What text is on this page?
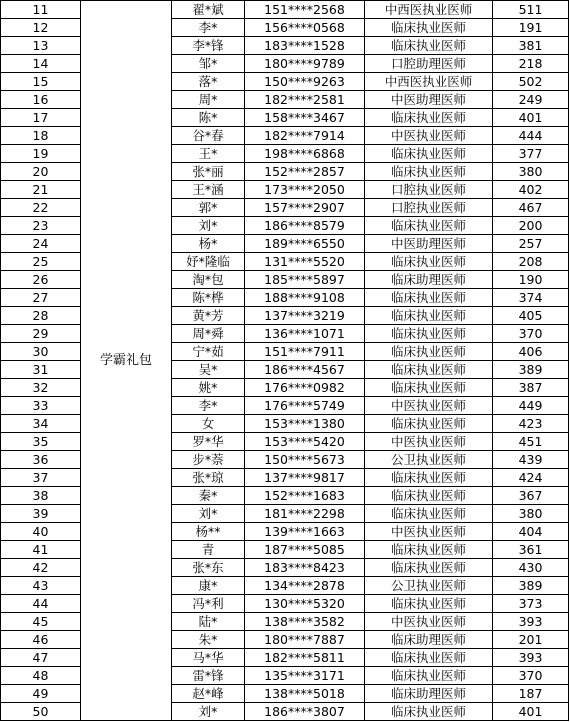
11	学霸礼包	翟*斌	151****2568	中西医执业医师	511
12		李*	156****0568	临床执业医师	191
13		李*锋	183****1528	临床执业医师	381
14		邹*	180****9789	口腔助理医师	218
15		落*	150****9263	中西医执业医师	502
16		周*	182****2581	中医助理医师	249
17		陈*	158****3467	临床执业医师	401
18		谷*春	182****7914	中医执业医师	444
19		王*	198****6868	临床执业医师	377
20		张*丽	152****2857	临床执业医师	380
21		王*涵	173****2050	口腔执业医师	402
22		郭*	157****2907	口腔执业医师	467
23		刘*	186****8579	临床执业医师	200
24		杨*	189****6550	中医助理医师	257
25		妤*隆临	131****5520	临床执业医师	208
26		淘*包	185****5897	临床助理医师	190
27		陈*桦	188****9108	临床执业医师	374
28		黄*芳	137****3219	临床执业医师	405
29		周*舜	136****1071	临床执业医师	370
30		宁*茹	151****7911	临床执业医师	406
31		吴*	186****4567	临床执业医师	389
32		姚*	176****0982	临床执业医师	387
33		李*	176****5749	中医执业医师	449
34		女	153****1380	临床执业医师	423
35		罗*华	153****5420	中医执业医师	451
36		步*萘	150****5673	公卫执业医师	439
37		张*琼	137****9817	临床执业医师	424
38		秦*	152****1683	临床执业医师	367
39		刘*	181****2298	临床执业医师	380
40		杨**	139****1663	中医执业医师	404
41		青	187****5085	临床执业医师	361
42		张*东	183****8423	临床执业医师	430
43		康*	134****2878	公卫执业医师	389
44		冯*利	130****5320	临床执业医师	373
45		陆*	138****3582	中医执业医师	393
46		朱*	180****7887	临床助理医师	201
47		马*华	182****5811	临床执业医师	393
48		雷*锋	135****3171	临床执业医师	370
49		赵*峰	138****5018	临床助理医师	187
50		刘*	186****3807	临床执业医师	401
